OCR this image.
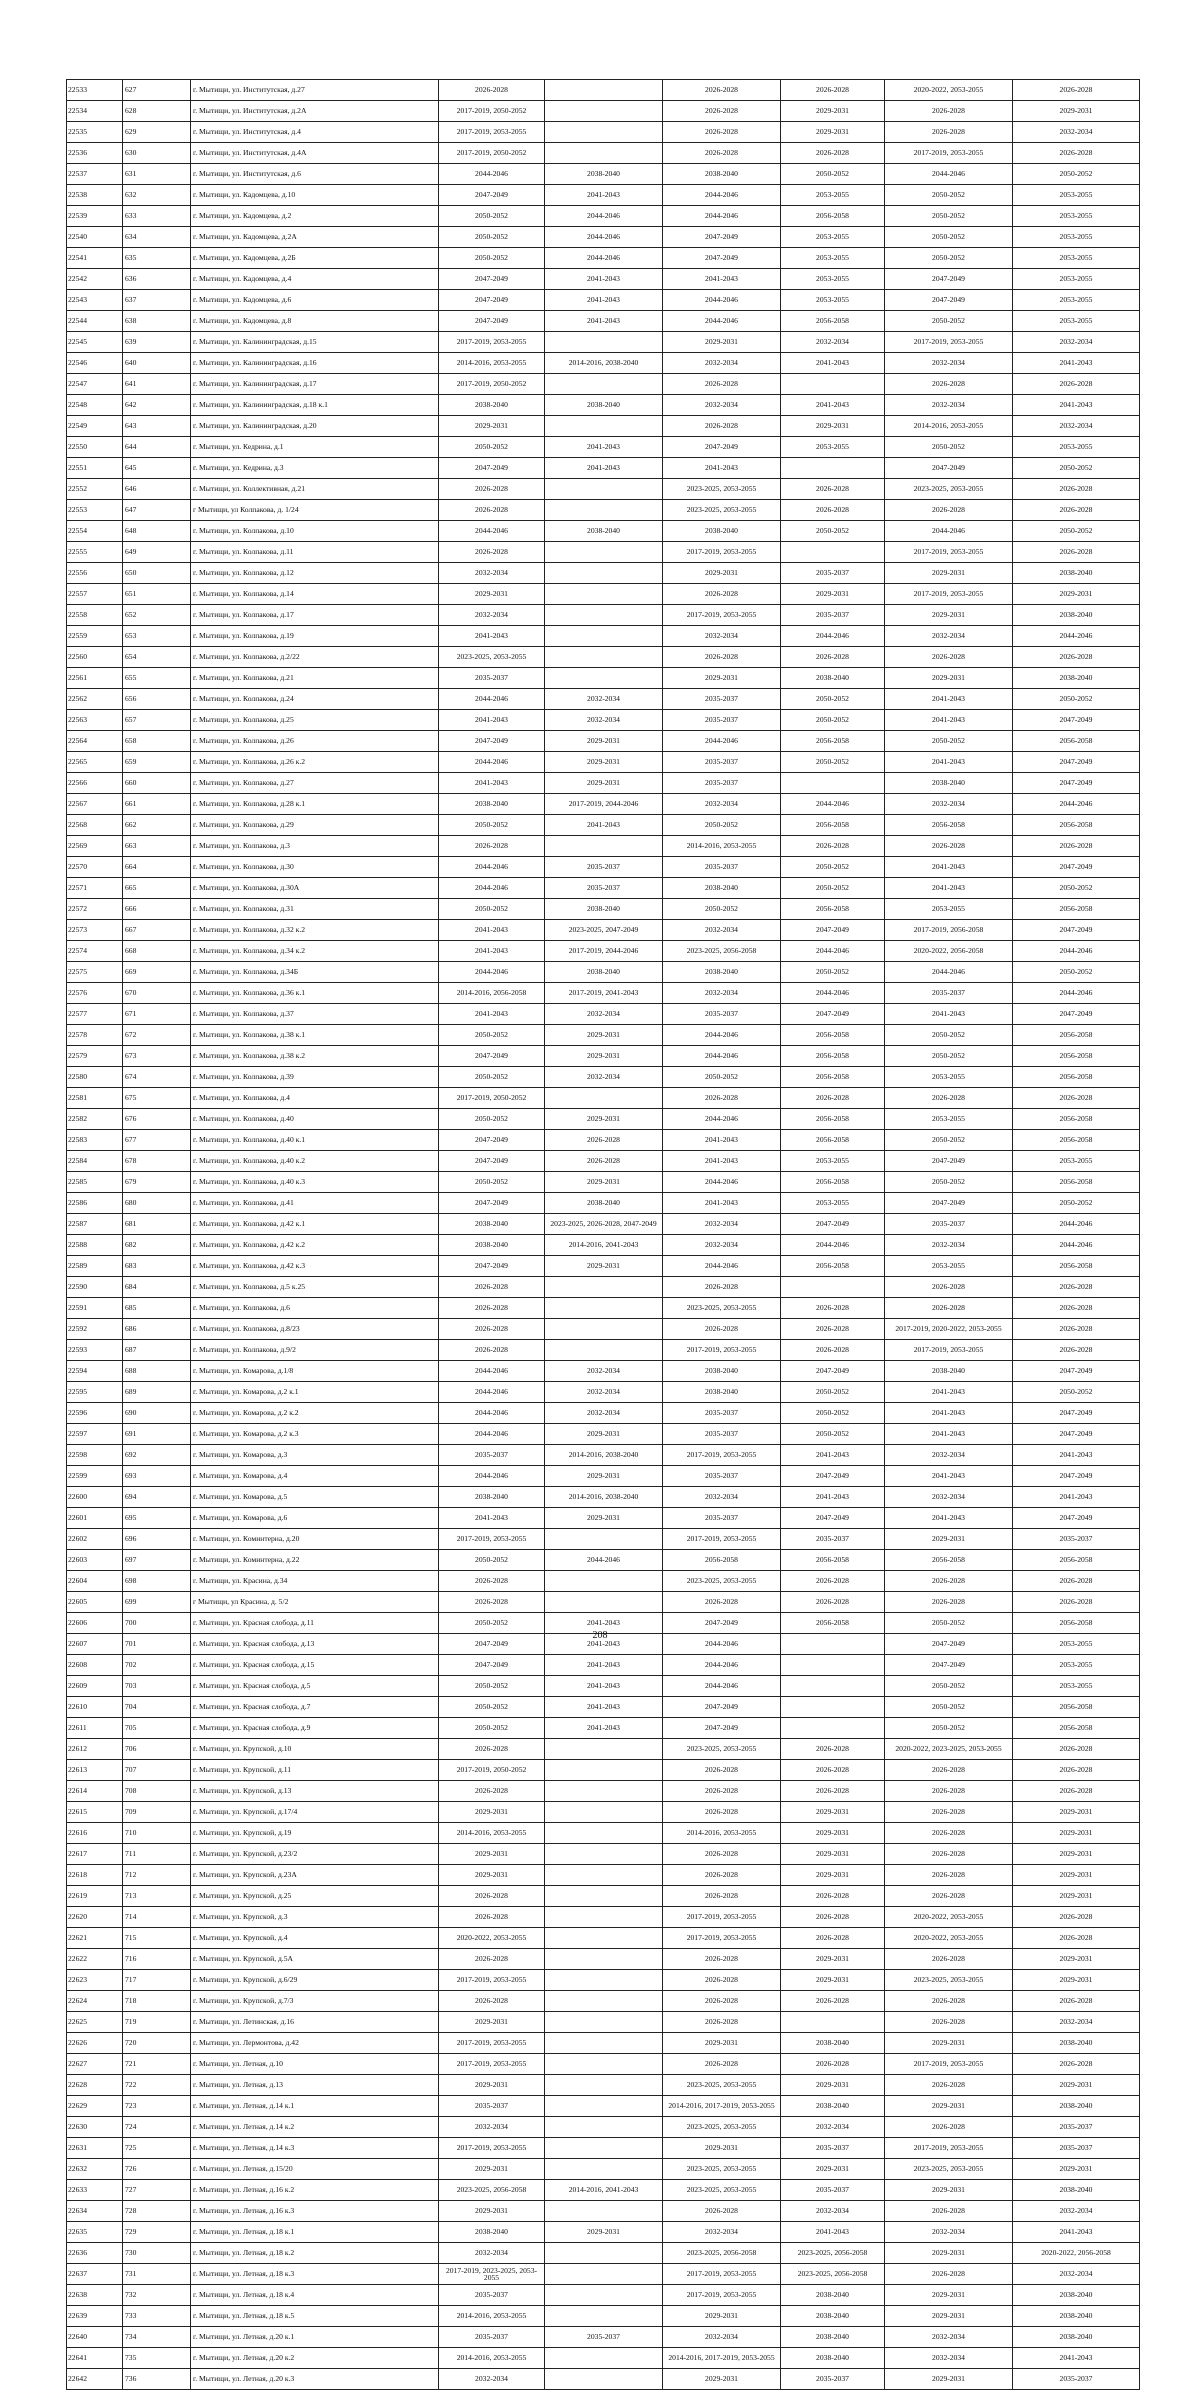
22533	627	г. Мытищи, ул. Институтская, д.27	2026-2028		2026-2028	2026-2028	2020-2022, 2053-2055	2026-2028
22534	628	г. Мытищи, ул. Институтская, д.2А	2017-2019, 2050-2052		2026-2028	2029-2031	2026-2028	2029-2031
22535	629	г. Мытищи, ул. Институтская, д.4	2017-2019, 2053-2055		2026-2028	2029-2031	2026-2028	2032-2034
22536	630	г. Мытищи, ул. Институтская, д.4А	2017-2019, 2050-2052		2026-2028	2026-2028	2017-2019, 2053-2055	2026-2028
22537	631	г. Мытищи, ул. Институтская, д.6	2044-2046	2038-2040	2038-2040	2050-2052	2044-2046	2050-2052
22538	632	г. Мытищи, ул. Кадомцева, д.10	2047-2049	2041-2043	2044-2046	2053-2055	2050-2052	2053-2055
22539	633	г. Мытищи, ул. Кадомцева, д.2	2050-2052	2044-2046	2044-2046	2056-2058	2050-2052	2053-2055
22540	634	г. Мытищи, ул. Кадомцева, д.2А	2050-2052	2044-2046	2047-2049	2053-2055	2050-2052	2053-2055
22541	635	г. Мытищи, ул. Кадомцева, д.2Б	2050-2052	2044-2046	2047-2049	2053-2055	2050-2052	2053-2055
22542	636	г. Мытищи, ул. Кадомцева, д.4	2047-2049	2041-2043	2041-2043	2053-2055	2047-2049	2053-2055
22543	637	г. Мытищи, ул. Кадомцева, д.6	2047-2049	2041-2043	2044-2046	2053-2055	2047-2049	2053-2055
22544	638	г. Мытищи, ул. Кадомцева, д.8	2047-2049	2041-2043	2044-2046	2056-2058	2050-2052	2053-2055
22545	639	г. Мытищи, ул. Калининградская, д.15	2017-2019, 2053-2055		2029-2031	2032-2034	2017-2019, 2053-2055	2032-2034
22546	640	г. Мытищи, ул. Калининградская, д.16	2014-2016, 2053-2055	2014-2016, 2038-2040	2032-2034	2041-2043	2032-2034	2041-2043
22547	641	г. Мытищи, ул. Калининградская, д.17	2017-2019, 2050-2052		2026-2028		2026-2028	2026-2028
22548	642	г. Мытищи, ул. Калининградская, д.18 к.1	2038-2040	2038-2040	2032-2034	2041-2043	2032-2034	2041-2043
22549	643	г. Мытищи, ул. Калининградская, д.20	2029-2031		2026-2028	2029-2031	2014-2016, 2053-2055	2032-2034
22550	644	г. Мытищи, ул. Кедрина, д.1	2050-2052	2041-2043	2047-2049	2053-2055	2050-2052	2053-2055
22551	645	г. Мытищи, ул. Кедрина, д.3	2047-2049	2041-2043	2041-2043		2047-2049	2050-2052
22552	646	г. Мытищи, ул. Коллективная, д.21	2026-2028		2023-2025, 2053-2055	2026-2028	2023-2025, 2053-2055	2026-2028
22553	647	г Мытищи, ул Колпакова, д. 1/24	2026-2028		2023-2025, 2053-2055	2026-2028	2026-2028	2026-2028
22554	648	г. Мытищи, ул. Колпакова, д.10	2044-2046	2038-2040	2038-2040	2050-2052	2044-2046	2050-2052
22555	649	г. Мытищи, ул. Колпакова, д.11	2026-2028		2017-2019, 2053-2055		2017-2019, 2053-2055	2026-2028
22556	650	г. Мытищи, ул. Колпакова, д.12	2032-2034		2029-2031	2035-2037	2029-2031	2038-2040
22557	651	г. Мытищи, ул. Колпакова, д.14	2029-2031		2026-2028	2029-2031	2017-2019, 2053-2055	2029-2031
22558	652	г. Мытищи, ул. Колпакова, д.17	2032-2034		2017-2019, 2053-2055	2035-2037	2029-2031	2038-2040
22559	653	г. Мытищи, ул. Колпакова, д.19	2041-2043		2032-2034	2044-2046	2032-2034	2044-2046
22560	654	г. Мытищи, ул. Колпакова, д.2/22	2023-2025, 2053-2055		2026-2028	2026-2028	2026-2028	2026-2028
22561	655	г. Мытищи, ул. Колпакова, д.21	2035-2037		2029-2031	2038-2040	2029-2031	2038-2040
22562	656	г. Мытищи, ул. Колпакова, д.24	2044-2046	2032-2034	2035-2037	2050-2052	2041-2043	2050-2052
22563	657	г. Мытищи, ул. Колпакова, д.25	2041-2043	2032-2034	2035-2037	2050-2052	2041-2043	2047-2049
22564	658	г. Мытищи, ул. Колпакова, д.26	2047-2049	2029-2031	2044-2046	2056-2058	2050-2052	2056-2058
22565	659	г. Мытищи, ул. Колпакова, д.26 к.2	2044-2046	2029-2031	2035-2037	2050-2052	2041-2043	2047-2049
22566	660	г. Мытищи, ул. Колпакова, д.27	2041-2043	2029-2031	2035-2037		2038-2040	2047-2049
22567	661	г. Мытищи, ул. Колпакова, д.28 к.1	2038-2040	2017-2019, 2044-2046	2032-2034	2044-2046	2032-2034	2044-2046
22568	662	г. Мытищи, ул. Колпакова, д.29	2050-2052	2041-2043	2050-2052	2056-2058	2056-2058	2056-2058
22569	663	г. Мытищи, ул. Колпакова, д.3	2026-2028		2014-2016, 2053-2055	2026-2028	2026-2028	2026-2028
22570	664	г. Мытищи, ул. Колпакова, д.30	2044-2046	2035-2037	2035-2037	2050-2052	2041-2043	2047-2049
22571	665	г. Мытищи, ул. Колпакова, д.30А	2044-2046	2035-2037	2038-2040	2050-2052	2041-2043	2050-2052
22572	666	г. Мытищи, ул. Колпакова, д.31	2050-2052	2038-2040	2050-2052	2056-2058	2053-2055	2056-2058
22573	667	г. Мытищи, ул. Колпакова, д.32 к.2	2041-2043	2023-2025, 2047-2049	2032-2034	2047-2049	2017-2019, 2056-2058	2047-2049
22574	668	г. Мытищи, ул. Колпакова, д.34 к.2	2041-2043	2017-2019, 2044-2046	2023-2025, 2056-2058	2044-2046	2020-2022, 2056-2058	2044-2046
22575	669	г. Мытищи, ул. Колпакова, д.34Б	2044-2046	2038-2040	2038-2040	2050-2052	2044-2046	2050-2052
22576	670	г. Мытищи, ул. Колпакова, д.36 к.1	2014-2016, 2056-2058	2017-2019, 2041-2043	2032-2034	2044-2046	2035-2037	2044-2046
22577	671	г. Мытищи, ул. Колпакова, д.37	2041-2043	2032-2034	2035-2037	2047-2049	2041-2043	2047-2049
22578	672	г. Мытищи, ул. Колпакова, д.38 к.1	2050-2052	2029-2031	2044-2046	2056-2058	2050-2052	2056-2058
22579	673	г. Мытищи, ул. Колпакова, д.38 к.2	2047-2049	2029-2031	2044-2046	2056-2058	2050-2052	2056-2058
22580	674	г. Мытищи, ул. Колпакова, д.39	2050-2052	2032-2034	2050-2052	2056-2058	2053-2055	2056-2058
22581	675	г. Мытищи, ул. Колпакова, д.4	2017-2019, 2050-2052		2026-2028	2026-2028	2026-2028	2026-2028
22582	676	г. Мытищи, ул. Колпакова, д.40	2050-2052	2029-2031	2044-2046	2056-2058	2053-2055	2056-2058
22583	677	г. Мытищи, ул. Колпакова, д.40 к.1	2047-2049	2026-2028	2041-2043	2056-2058	2050-2052	2056-2058
22584	678	г. Мытищи, ул. Колпакова, д.40 к.2	2047-2049	2026-2028	2041-2043	2053-2055	2047-2049	2053-2055
22585	679	г. Мытищи, ул. Колпакова, д.40 к.3	2050-2052	2029-2031	2044-2046	2056-2058	2050-2052	2056-2058
22586	680	г. Мытищи, ул. Колпакова, д.41	2047-2049	2038-2040	2041-2043	2053-2055	2047-2049	2050-2052
22587	681	г. Мытищи, ул. Колпакова, д.42 к.1	2038-2040	2023-2025, 2026-2028, 2047-2049	2032-2034	2047-2049	2035-2037	2044-2046
22588	682	г. Мытищи, ул. Колпакова, д.42 к.2	2038-2040	2014-2016, 2041-2043	2032-2034	2044-2046	2032-2034	2044-2046
22589	683	г. Мытищи, ул. Колпакова, д.42 к.3	2047-2049	2029-2031	2044-2046	2056-2058	2053-2055	2056-2058
22590	684	г. Мытищи, ул. Колпакова, д.5 к.25	2026-2028		2026-2028		2026-2028	2026-2028
22591	685	г. Мытищи, ул. Колпакова, д.6	2026-2028		2023-2025, 2053-2055	2026-2028	2026-2028	2026-2028
22592	686	г. Мытищи, ул. Колпакова, д.8/23	2026-2028		2026-2028	2026-2028	2017-2019, 2020-2022, 2053-2055	2026-2028
22593	687	г. Мытищи, ул. Колпакова, д.9/2	2026-2028		2017-2019, 2053-2055	2026-2028	2017-2019, 2053-2055	2026-2028
22594	688	г. Мытищи, ул. Комарова, д.1/8	2044-2046	2032-2034	2038-2040	2047-2049	2038-2040	2047-2049
22595	689	г. Мытищи, ул. Комарова, д.2 к.1	2044-2046	2032-2034	2038-2040	2050-2052	2041-2043	2050-2052
22596	690	г. Мытищи, ул. Комарова, д.2 к.2	2044-2046	2032-2034	2035-2037	2050-2052	2041-2043	2047-2049
22597	691	г. Мытищи, ул. Комарова, д.2 к.3	2044-2046	2029-2031	2035-2037	2050-2052	2041-2043	2047-2049
22598	692	г. Мытищи, ул. Комарова, д.3	2035-2037	2014-2016, 2038-2040	2017-2019, 2053-2055	2041-2043	2032-2034	2041-2043
22599	693	г. Мытищи, ул. Комарова, д.4	2044-2046	2029-2031	2035-2037	2047-2049	2041-2043	2047-2049
22600	694	г. Мытищи, ул. Комарова, д.5	2038-2040	2014-2016, 2038-2040	2032-2034	2041-2043	2032-2034	2041-2043
22601	695	г. Мытищи, ул. Комарова, д.6	2041-2043	2029-2031	2035-2037	2047-2049	2041-2043	2047-2049
22602	696	г. Мытищи, ул. Коминтерна, д.20	2017-2019, 2053-2055		2017-2019, 2053-2055	2035-2037	2029-2031	2035-2037
22603	697	г. Мытищи, ул. Коминтерна, д.22	2050-2052	2044-2046	2056-2058	2056-2058	2056-2058	2056-2058
22604	698	г. Мытищи, ул. Красина, д.34	2026-2028		2023-2025, 2053-2055	2026-2028	2026-2028	2026-2028
22605	699	г Мытищи, ул Красина, д. 5/2	2026-2028		2026-2028	2026-2028	2026-2028	2026-2028
22606	700	г. Мытищи, ул. Красная слобода, д.11	2050-2052	2041-2043	2047-2049	2056-2058	2050-2052	2056-2058
22607	701	г. Мытищи, ул. Красная слобода, д.13	2047-2049	2041-2043	2044-2046		2047-2049	2053-2055
22608	702	г. Мытищи, ул. Красная слобода, д.15	2047-2049	2041-2043	2044-2046		2047-2049	2053-2055
22609	703	г. Мытищи, ул. Красная слобода, д.5	2050-2052	2041-2043	2044-2046		2050-2052	2053-2055
22610	704	г. Мытищи, ул. Красная слобода, д.7	2050-2052	2041-2043	2047-2049		2050-2052	2056-2058
22611	705	г. Мытищи, ул. Красная слобода, д.9	2050-2052	2041-2043	2047-2049		2050-2052	2056-2058
22612	706	г. Мытищи, ул. Крупской, д.10	2026-2028		2023-2025, 2053-2055	2026-2028	2020-2022, 2023-2025, 2053-2055	2026-2028
22613	707	г. Мытищи, ул. Крупской, д.11	2017-2019, 2050-2052		2026-2028	2026-2028	2026-2028	2026-2028
22614	708	г. Мытищи, ул. Крупской, д.13	2026-2028		2026-2028	2026-2028	2026-2028	2026-2028
22615	709	г. Мытищи, ул. Крупской, д.17/4	2029-2031		2026-2028	2029-2031	2026-2028	2029-2031
22616	710	г. Мытищи, ул. Крупской, д.19	2014-2016, 2053-2055		2014-2016, 2053-2055	2029-2031	2026-2028	2029-2031
22617	711	г. Мытищи, ул. Крупской, д.23/2	2029-2031		2026-2028	2029-2031	2026-2028	2029-2031
22618	712	г. Мытищи, ул. Крупской, д.23А	2029-2031		2026-2028	2029-2031	2026-2028	2029-2031
22619	713	г. Мытищи, ул. Крупской, д.25	2026-2028		2026-2028	2026-2028	2026-2028	2029-2031
22620	714	г. Мытищи, ул. Крупской, д.3	2026-2028		2017-2019, 2053-2055	2026-2028	2020-2022, 2053-2055	2026-2028
22621	715	г. Мытищи, ул. Крупской, д.4	2020-2022, 2053-2055		2017-2019, 2053-2055	2026-2028	2020-2022, 2053-2055	2026-2028
22622	716	г. Мытищи, ул. Крупской, д.5А	2026-2028		2026-2028	2029-2031	2026-2028	2029-2031
22623	717	г. Мытищи, ул. Крупской, д.6/29	2017-2019, 2053-2055		2026-2028	2029-2031	2023-2025, 2053-2055	2029-2031
22624	718	г. Мытищи, ул. Крупской, д.7/3	2026-2028		2026-2028	2026-2028	2026-2028	2026-2028
22625	719	г. Мытищи, ул. Летинская, д.16	2029-2031		2026-2028		2026-2028	2032-2034
22626	720	г. Мытищи, ул. Лермонтова, д.42	2017-2019, 2053-2055		2029-2031	2038-2040	2029-2031	2038-2040
22627	721	г. Мытищи, ул. Летная, д.10	2017-2019, 2053-2055		2026-2028	2026-2028	2017-2019, 2053-2055	2026-2028
22628	722	г. Мытищи, ул. Летная, д.13	2029-2031		2023-2025, 2053-2055	2029-2031	2026-2028	2029-2031
22629	723	г. Мытищи, ул. Летная, д.14 к.1	2035-2037		2014-2016, 2017-2019, 2053-2055	2038-2040	2029-2031	2038-2040
22630	724	г. Мытищи, ул. Летная, д.14 к.2	2032-2034		2023-2025, 2053-2055	2032-2034	2026-2028	2035-2037
22631	725	г. Мытищи, ул. Летная, д.14 к.3	2017-2019, 2053-2055		2029-2031	2035-2037	2017-2019, 2053-2055	2035-2037
22632	726	г. Мытищи, ул. Летная, д.15/20	2029-2031		2023-2025, 2053-2055	2029-2031	2023-2025, 2053-2055	2029-2031
22633	727	г. Мытищи, ул. Летная, д.16 к.2	2023-2025, 2056-2058	2014-2016, 2041-2043	2023-2025, 2053-2055	2035-2037	2029-2031	2038-2040
22634	728	г. Мытищи, ул. Летная, д.16 к.3	2029-2031		2026-2028	2032-2034	2026-2028	2032-2034
22635	729	г. Мытищи, ул. Летная, д.18 к.1	2038-2040	2029-2031	2032-2034	2041-2043	2032-2034	2041-2043
22636	730	г. Мытищи, ул. Летная, д.18 к.2	2032-2034		2023-2025, 2056-2058	2023-2025, 2056-2058	2029-2031	2020-2022, 2056-2058
22637	731	г. Мытищи, ул. Летная, д.18 к.3	2017-2019, 2023-2025, 2053-2055		2017-2019, 2053-2055	2023-2025, 2056-2058	2026-2028	2032-2034
22638	732	г. Мытищи, ул. Летная, д.18 к.4	2035-2037		2017-2019, 2053-2055	2038-2040	2029-2031	2038-2040
22639	733	г. Мытищи, ул. Летная, д.18 к.5	2014-2016, 2053-2055		2029-2031	2038-2040	2029-2031	2038-2040
22640	734	г. Мытищи, ул. Летная, д.20 к.1	2035-2037	2035-2037	2032-2034	2038-2040	2032-2034	2038-2040
22641	735	г. Мытищи, ул. Летная, д.20 к.2	2014-2016, 2053-2055		2014-2016, 2017-2019, 2053-2055	2038-2040	2032-2034	2041-2043
22642	736	г. Мытищи, ул. Летная, д.20 к.3	2032-2034		2029-2031	2035-2037	2029-2031	2035-2037
208
